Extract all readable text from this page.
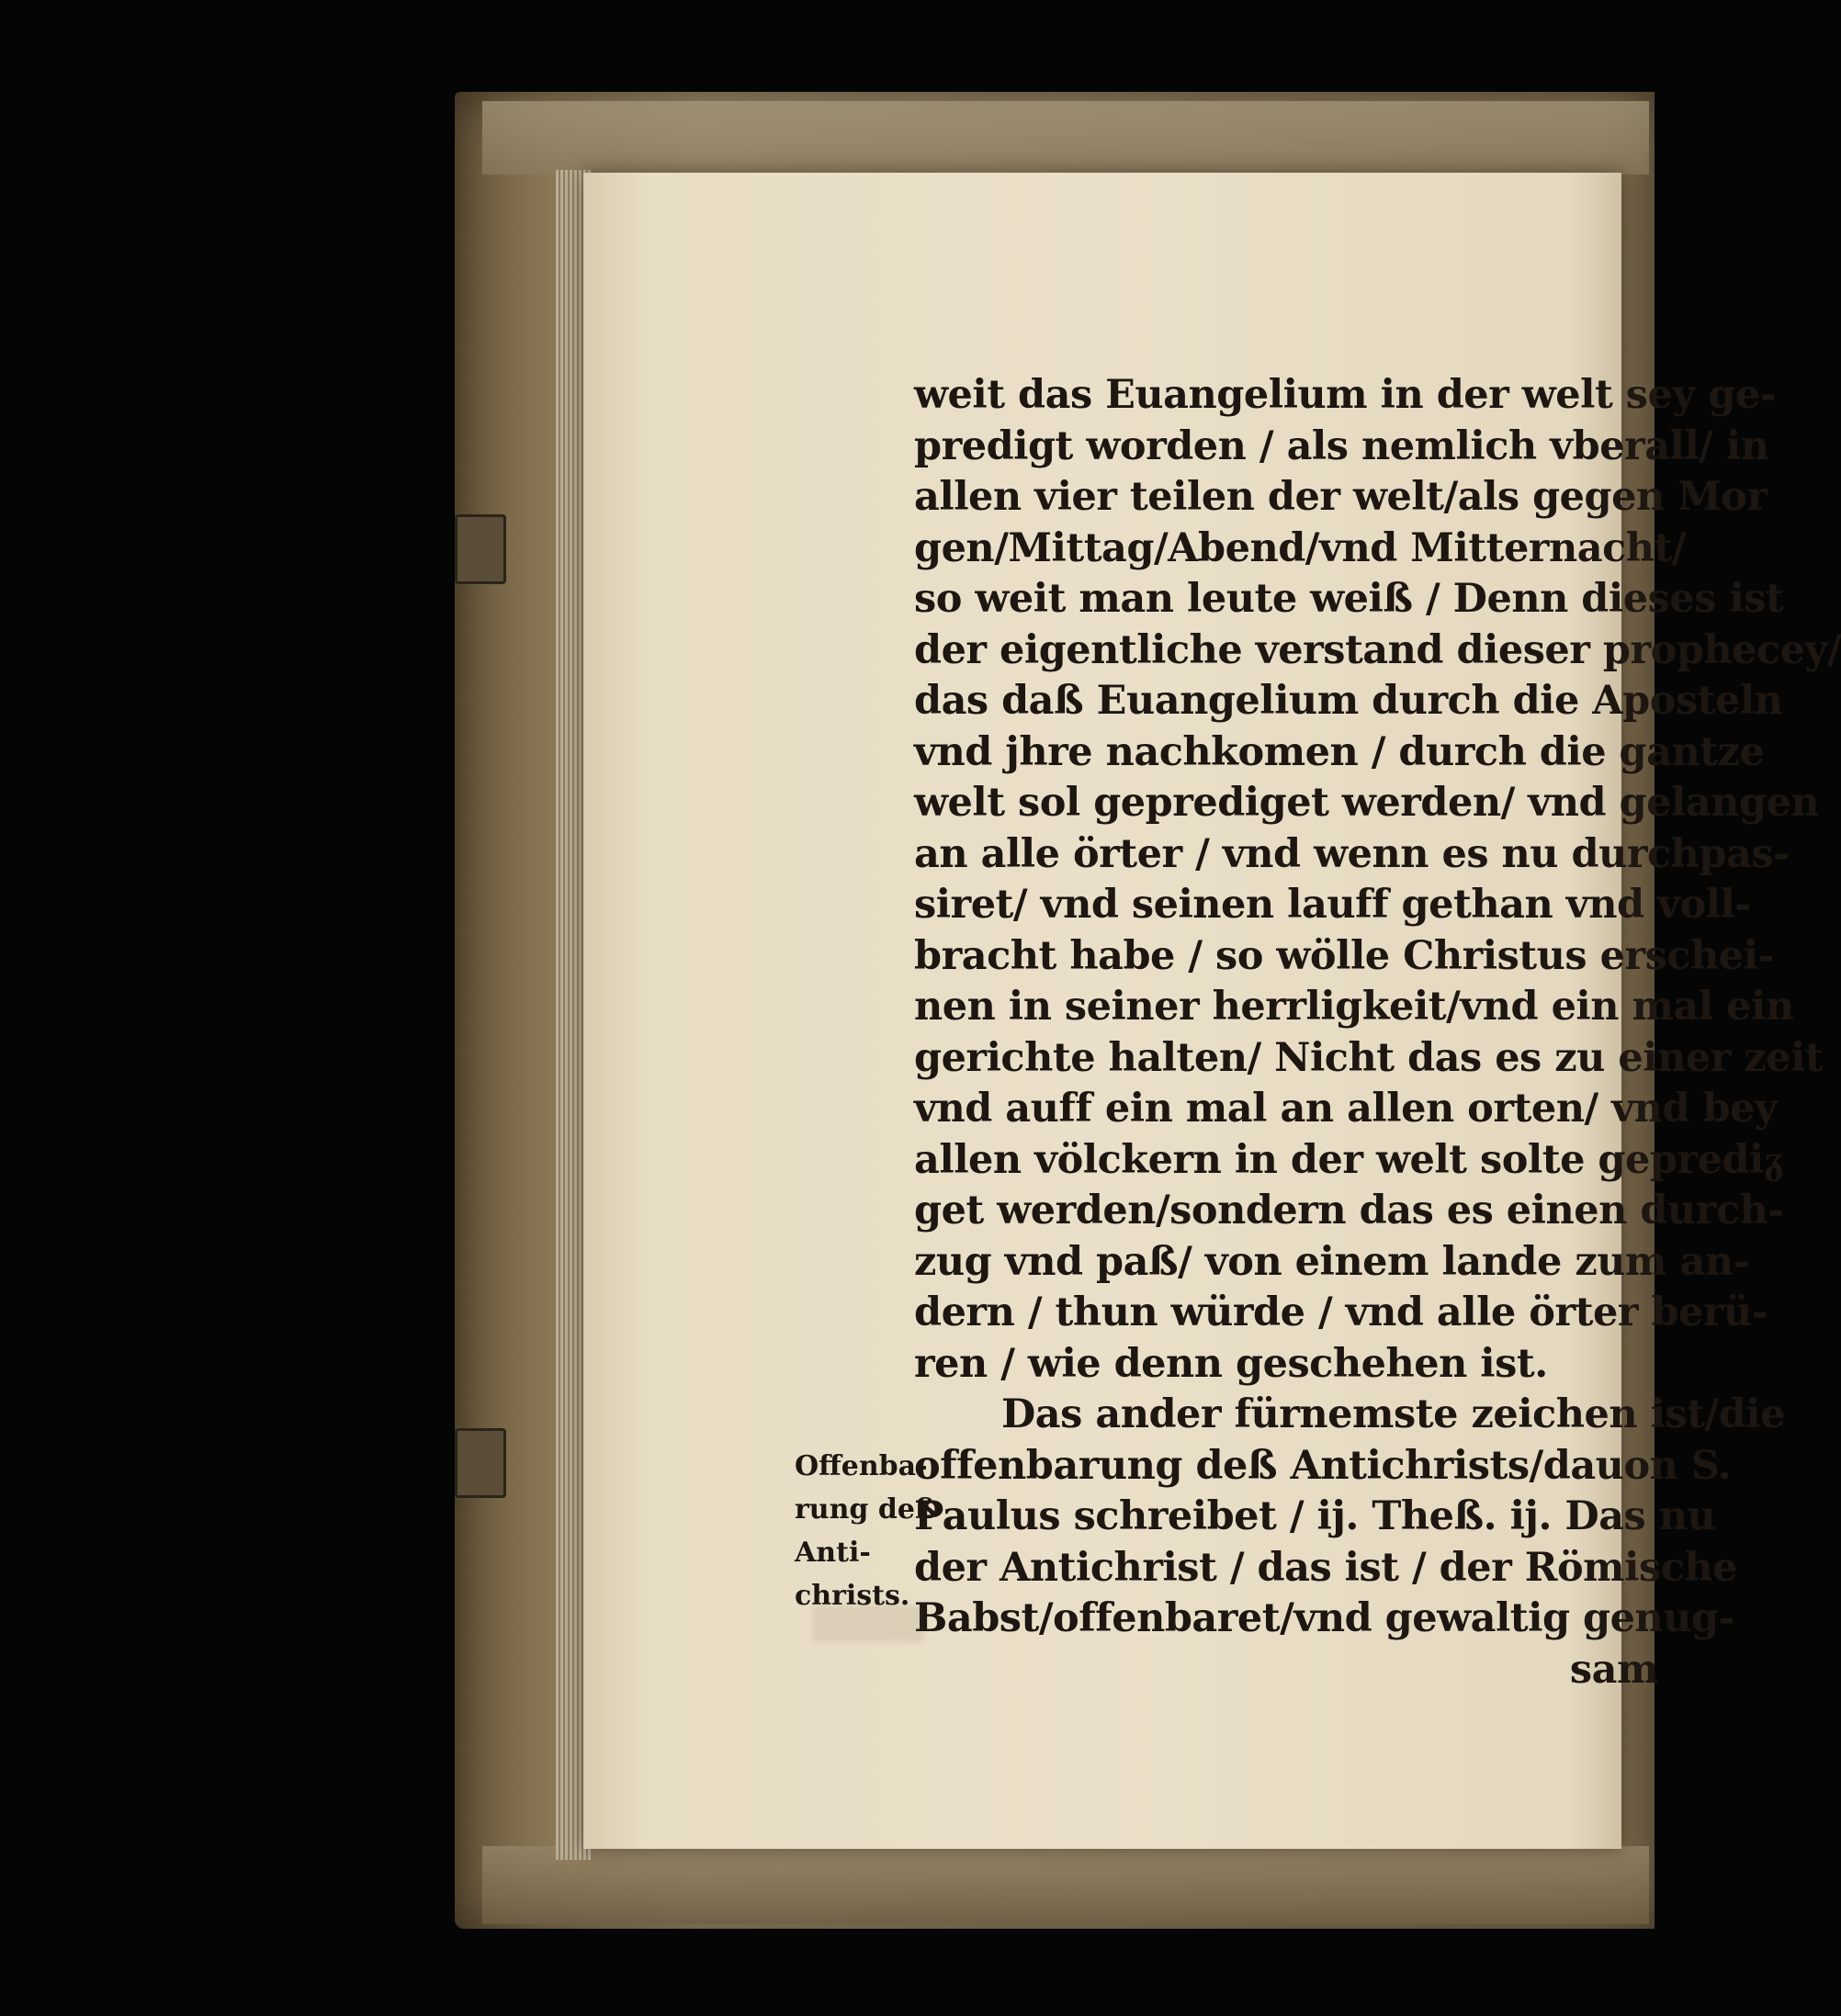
weit das Euangelium in der welt sey ge-
predigt worden / als nemlich vberall/ in
allen vier teilen der welt/als gegen Mor
gen/Mittag/Abend/vnd Mitternacht/
so weit man leute weiß / Denn dieses ist
der eigentliche verstand dieser prophecey/
das daß Euangelium durch die Aposteln
vnd jhre nachkomen / durch die gantze
welt sol geprediget werden/ vnd gelangen
an alle örter / vnd wenn es nu durchpas-
siret/ vnd seinen lauff gethan vnd voll-
bracht habe / so wölle Christus erschei-
nen in seiner herrligkeit/vnd ein mal ein
gerichte halten/ Nicht das es zu einer zeit
vnd auff ein mal an allen orten/ vnd bey
allen völckern in der welt solte geprediᵹ
get werden/sondern das es einen durch-
zug vnd paß/ von einem lande zum an-
dern / thun würde / vnd alle örter berü-
ren / wie denn geschehen ist.
Das ander fürnemste zeichen ist/die
offenbarung deß Antichrists/dauon S.
Paulus schreibet / ij. Theß. ij. Das nu
der Antichrist / das ist / der Römische
Babst/offenbaret/vnd gewaltig genug-
sam
Offenba-
rung deß
Anti-
christs.
